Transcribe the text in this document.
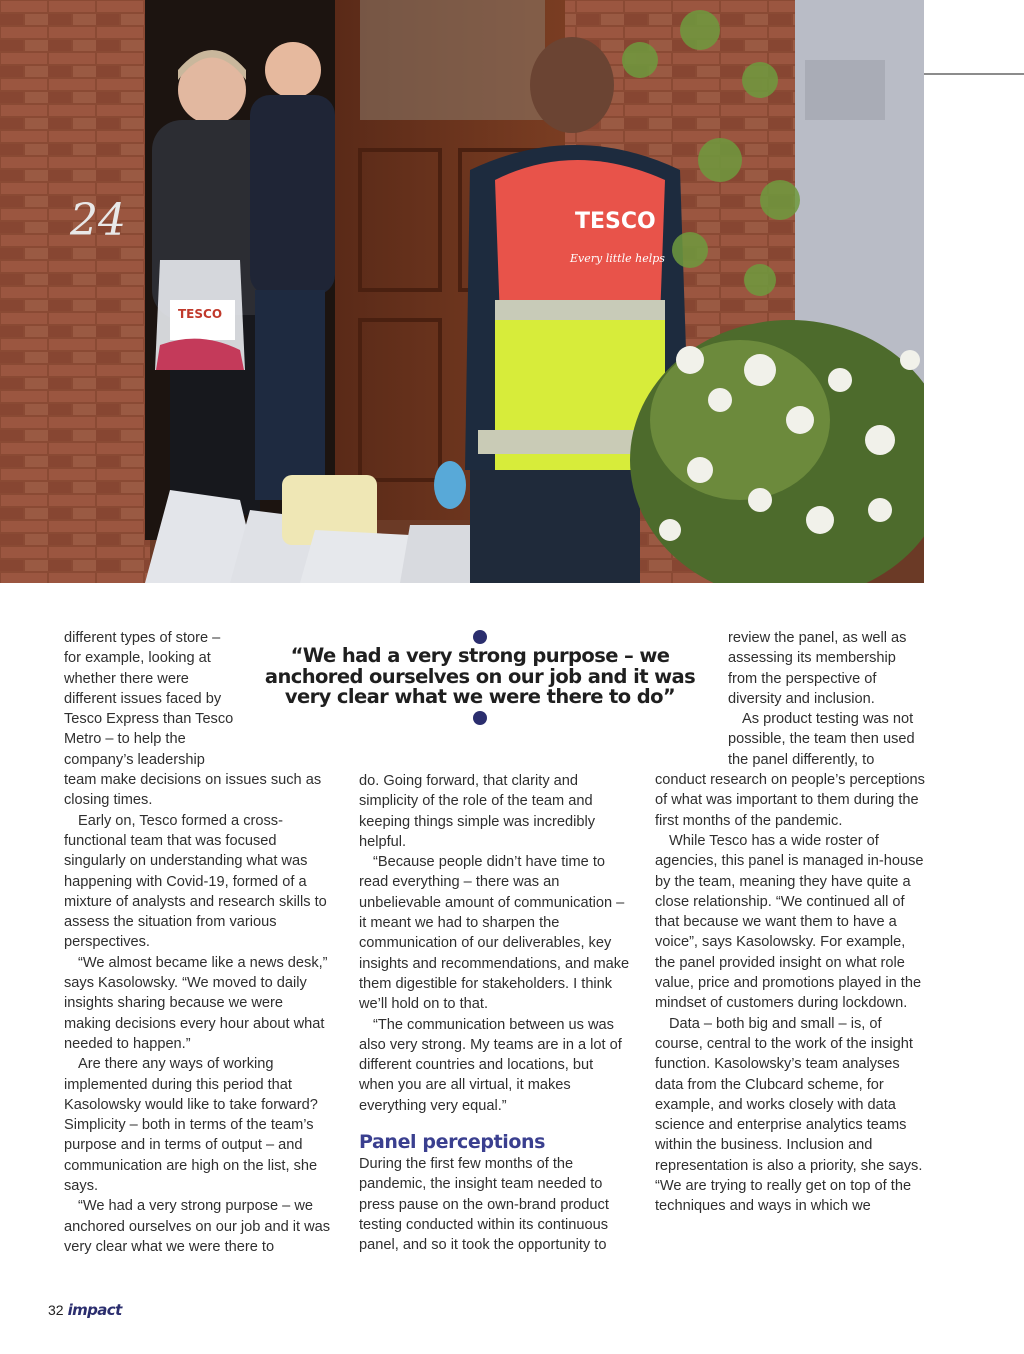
24
TESCO
TESCO
Every little helps
“We had a very strong purpose – we anchored ourselves on our job and it was very clear what we were there to do”
different types of store –
for example, looking at
whether there were
different issues faced by
Tesco Express than Tesco
Metro – to help the
company’s leadership

team make decisions on issues such as closing times.

Early on, Tesco formed a cross-functional team that was focused singularly on understanding what was happening with Covid-19, formed of a mixture of analysts and research skills to assess the situation from various perspectives.

“We almost became like a news desk,” says Kasolowsky. “We moved to daily insights sharing because we were making decisions every hour about what needed to happen.”

Are there any ways of working implemented during this period that Kasolowsky would like to take forward? Simplicity – both in terms of the team’s purpose and in terms of output – and communication are high on the list, she says.

“We had a very strong purpose – we anchored ourselves on our job and it was very clear what we were there to

do. Going forward, that clarity and simplicity of the role of the team and keeping things simple was incredibly helpful.

“Because people didn’t have time to read everything – there was an unbelievable amount of communication – it meant we had to sharpen the communication of our deliverables, key insights and recommendations, and make them digestible for stakeholders. I think we’ll hold on to that.

“The communication between us was also very strong. My teams are in a lot of different countries and locations, but when you are all virtual, it makes everything very equal.”

Panel perceptions

During the first few months of the pandemic, the insight team needed to press pause on the own-brand product testing conducted within its continuous panel, and so it took the opportunity to

review the panel, as well as
assessing its membership
from the perspective of
diversity and inclusion.
As product testing was not
possible, the team then used
the panel differently, to

conduct research on people’s perceptions of what was important to them during the first months of the pandemic.

While Tesco has a wide roster of agencies, this panel is managed in-house by the team, meaning they have quite a close relationship. “We continued all of that because we want them to have a voice”, says Kasolowsky. For example, the panel provided insight on what role value, price and promotions played in the mindset of customers during lockdown.

Data – both big and small – is, of course, central to the work of the insight function. Kasolowsky’s team analyses data from the Clubcard scheme, for example, and works closely with data science and enterprise analytics teams within the business. Inclusion and representation is also a priority, she says. “We are trying to really get on top of the techniques and ways in which we

32 impact
